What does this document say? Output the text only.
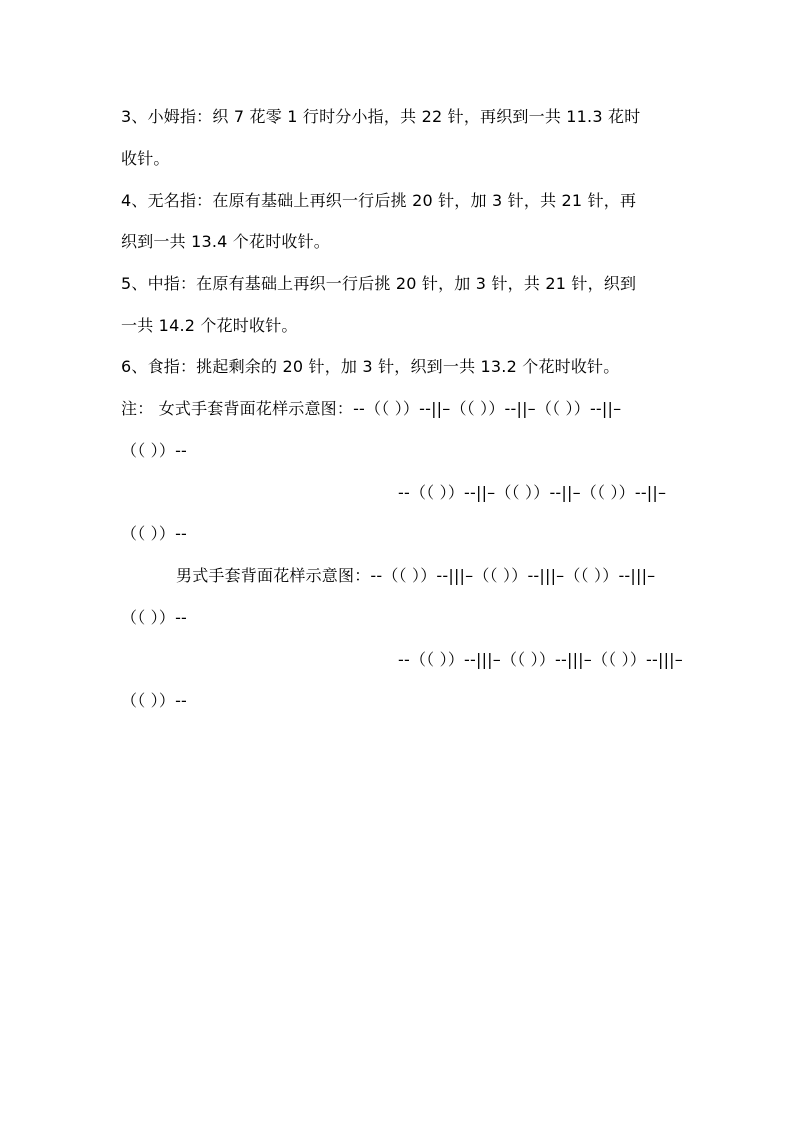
3、小姆指：织 7 花零 1 行时分小指，共 22 针，再织到一共 11.3 花时
收针。
4、无名指：在原有基础上再织一行后挑 20 针，加 3 针，共 21 针，再
织到一共 13.4 个花时收针。
5、中指：在原有基础上再织一行后挑 20 针，加 3 针，共 21 针，织到
一共 14.2 个花时收针。
6、食指：挑起剩余的 20 针，加 3 针，织到一共 13.2 个花时收针。
注： 女式手套背面花样示意图：--（（ ））--||–（（ ））--||–（（ ））--||–
（（ ））--
--（（ ））--||–（（ ））--||–（（ ））--||–
（（ ））--
男式手套背面花样示意图：--（（ ））--|||–（（ ））--|||–（（ ））--|||–
（（ ））--
--（（ ））--|||–（（ ））--|||–（（ ））--|||–
（（ ））--
